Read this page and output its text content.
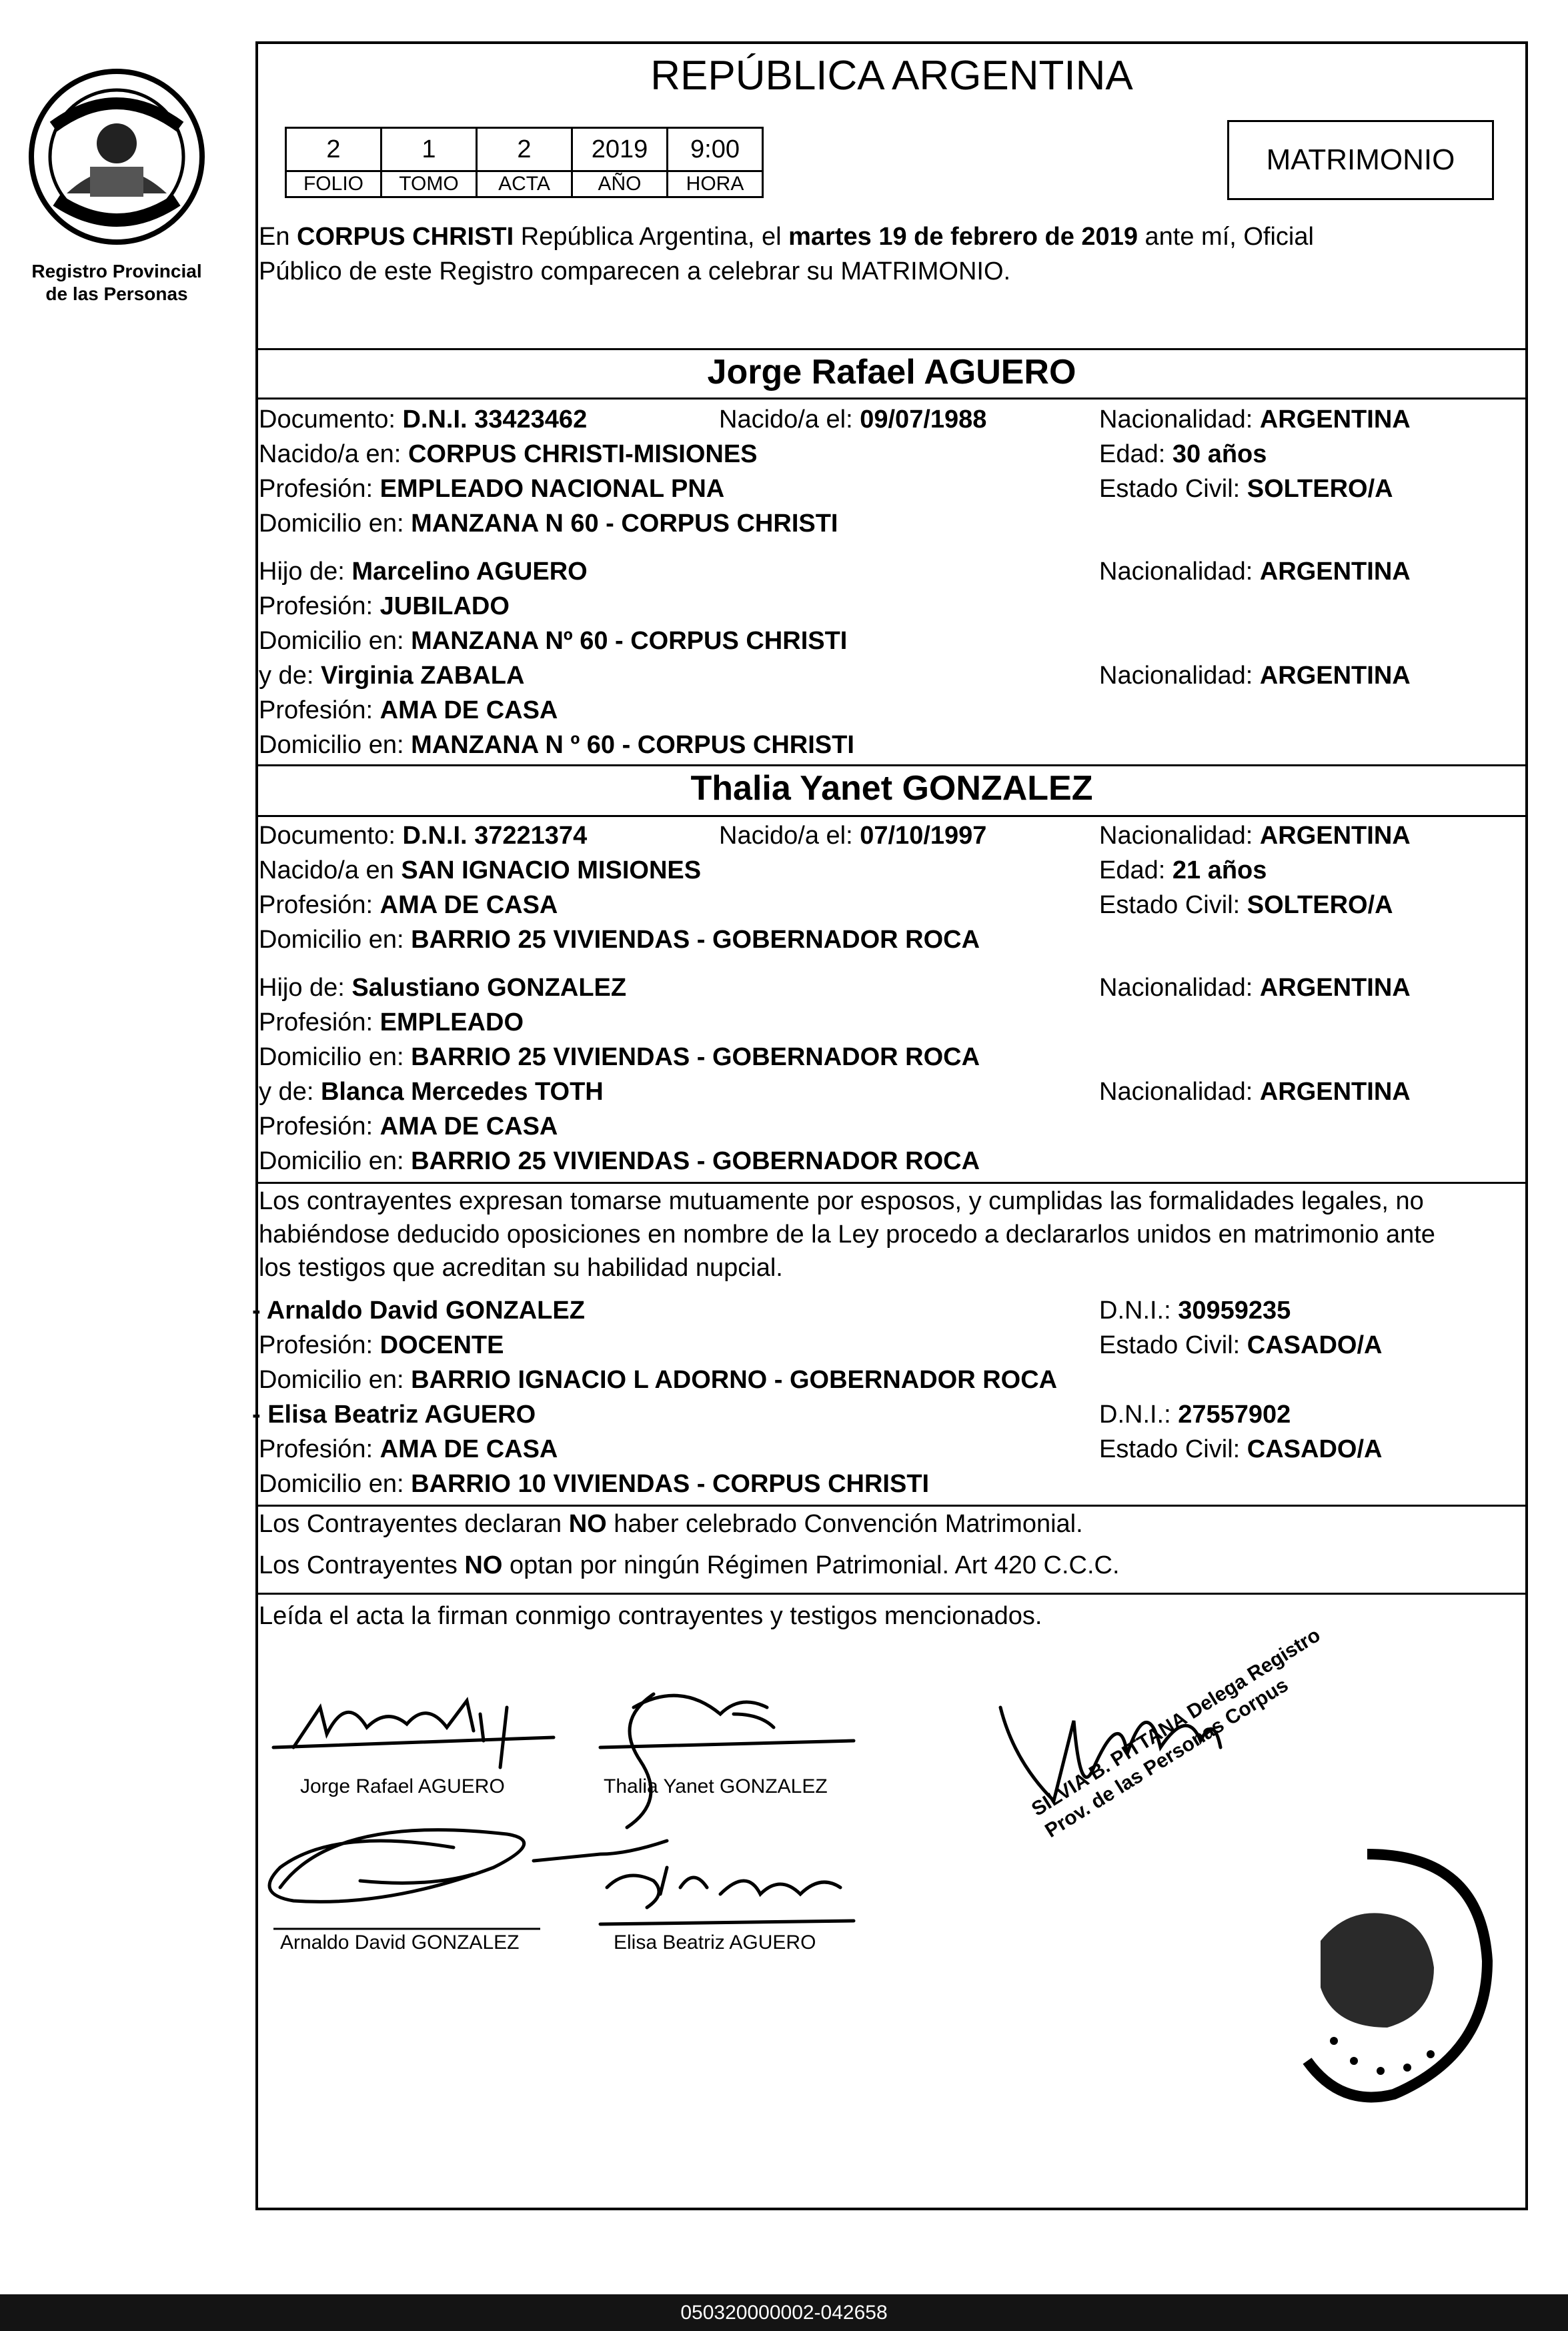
Registro Provincial
de las Personas
REPÚBLICA ARGENTINA
2	1	2	2019	9:00
FOLIO	TOMO	ACTA	AÑO	HORA
MATRIMONIO
En CORPUS CHRISTI República Argentina, el martes 19 de febrero de 2019 ante mí, Oficial
Público de este Registro comparecen a celebrar su MATRIMONIO.
Jorge Rafael AGUERO
Documento: D.N.I. 33423462	Nacido/a el: 09/07/1988	Nacionalidad: ARGENTINA
Nacido/a en: CORPUS CHRISTI-MISIONES	Edad: 30 años
Profesión: EMPLEADO NACIONAL PNA	Estado Civil: SOLTERO/A
Domicilio en: MANZANA N 60 - CORPUS CHRISTI
Hijo de: Marcelino AGUERO	Nacionalidad: ARGENTINA
Profesión: JUBILADO
Domicilio en: MANZANA Nº 60 - CORPUS CHRISTI
y de: Virginia ZABALA	Nacionalidad: ARGENTINA
Profesión: AMA DE CASA
Domicilio en: MANZANA N º 60 - CORPUS CHRISTI
Thalia Yanet GONZALEZ
Documento: D.N.I. 37221374	Nacido/a el: 07/10/1997	Nacionalidad: ARGENTINA
Nacido/a en SAN IGNACIO MISIONES	Edad: 21 años
Profesión: AMA DE CASA	Estado Civil: SOLTERO/A
Domicilio en: BARRIO 25 VIVIENDAS - GOBERNADOR ROCA
Hijo de: Salustiano GONZALEZ	Nacionalidad: ARGENTINA
Profesión: EMPLEADO
Domicilio en: BARRIO 25 VIVIENDAS - GOBERNADOR ROCA
y de: Blanca Mercedes TOTH	Nacionalidad: ARGENTINA
Profesión: AMA DE CASA
Domicilio en: BARRIO 25 VIVIENDAS - GOBERNADOR ROCA
Los contrayentes expresan tomarse mutuamente por esposos, y cumplidas las formalidades legales, no
habiéndose deducido oposiciones en nombre de la Ley procedo a declararlos unidos en matrimonio ante
los testigos que acreditan su habilidad nupcial.
- Arnaldo David GONZALEZ	D.N.I.: 30959235
Profesión: DOCENTE	Estado Civil: CASADO/A
Domicilio en: BARRIO IGNACIO L ADORNO - GOBERNADOR ROCA
- Elisa Beatriz AGUERO	D.N.I.: 27557902
Profesión: AMA DE CASA	Estado Civil: CASADO/A
Domicilio en: BARRIO 10 VIVIENDAS - CORPUS CHRISTI
Los Contrayentes declaran NO haber celebrado Convención Matrimonial.
Los Contrayentes NO optan por ningún Régimen Patrimonial. Art 420 C.C.C.
Leída el acta la firman conmigo contrayentes y testigos mencionados.
Jorge Rafael AGUERO	Thalia Yanet GONZALEZ
Arnaldo David GONZALEZ	Elisa Beatriz AGUERO
SILVIA B. PITTANA Delega Registro Prov. de las Personas Corpus
050320000002-042658
